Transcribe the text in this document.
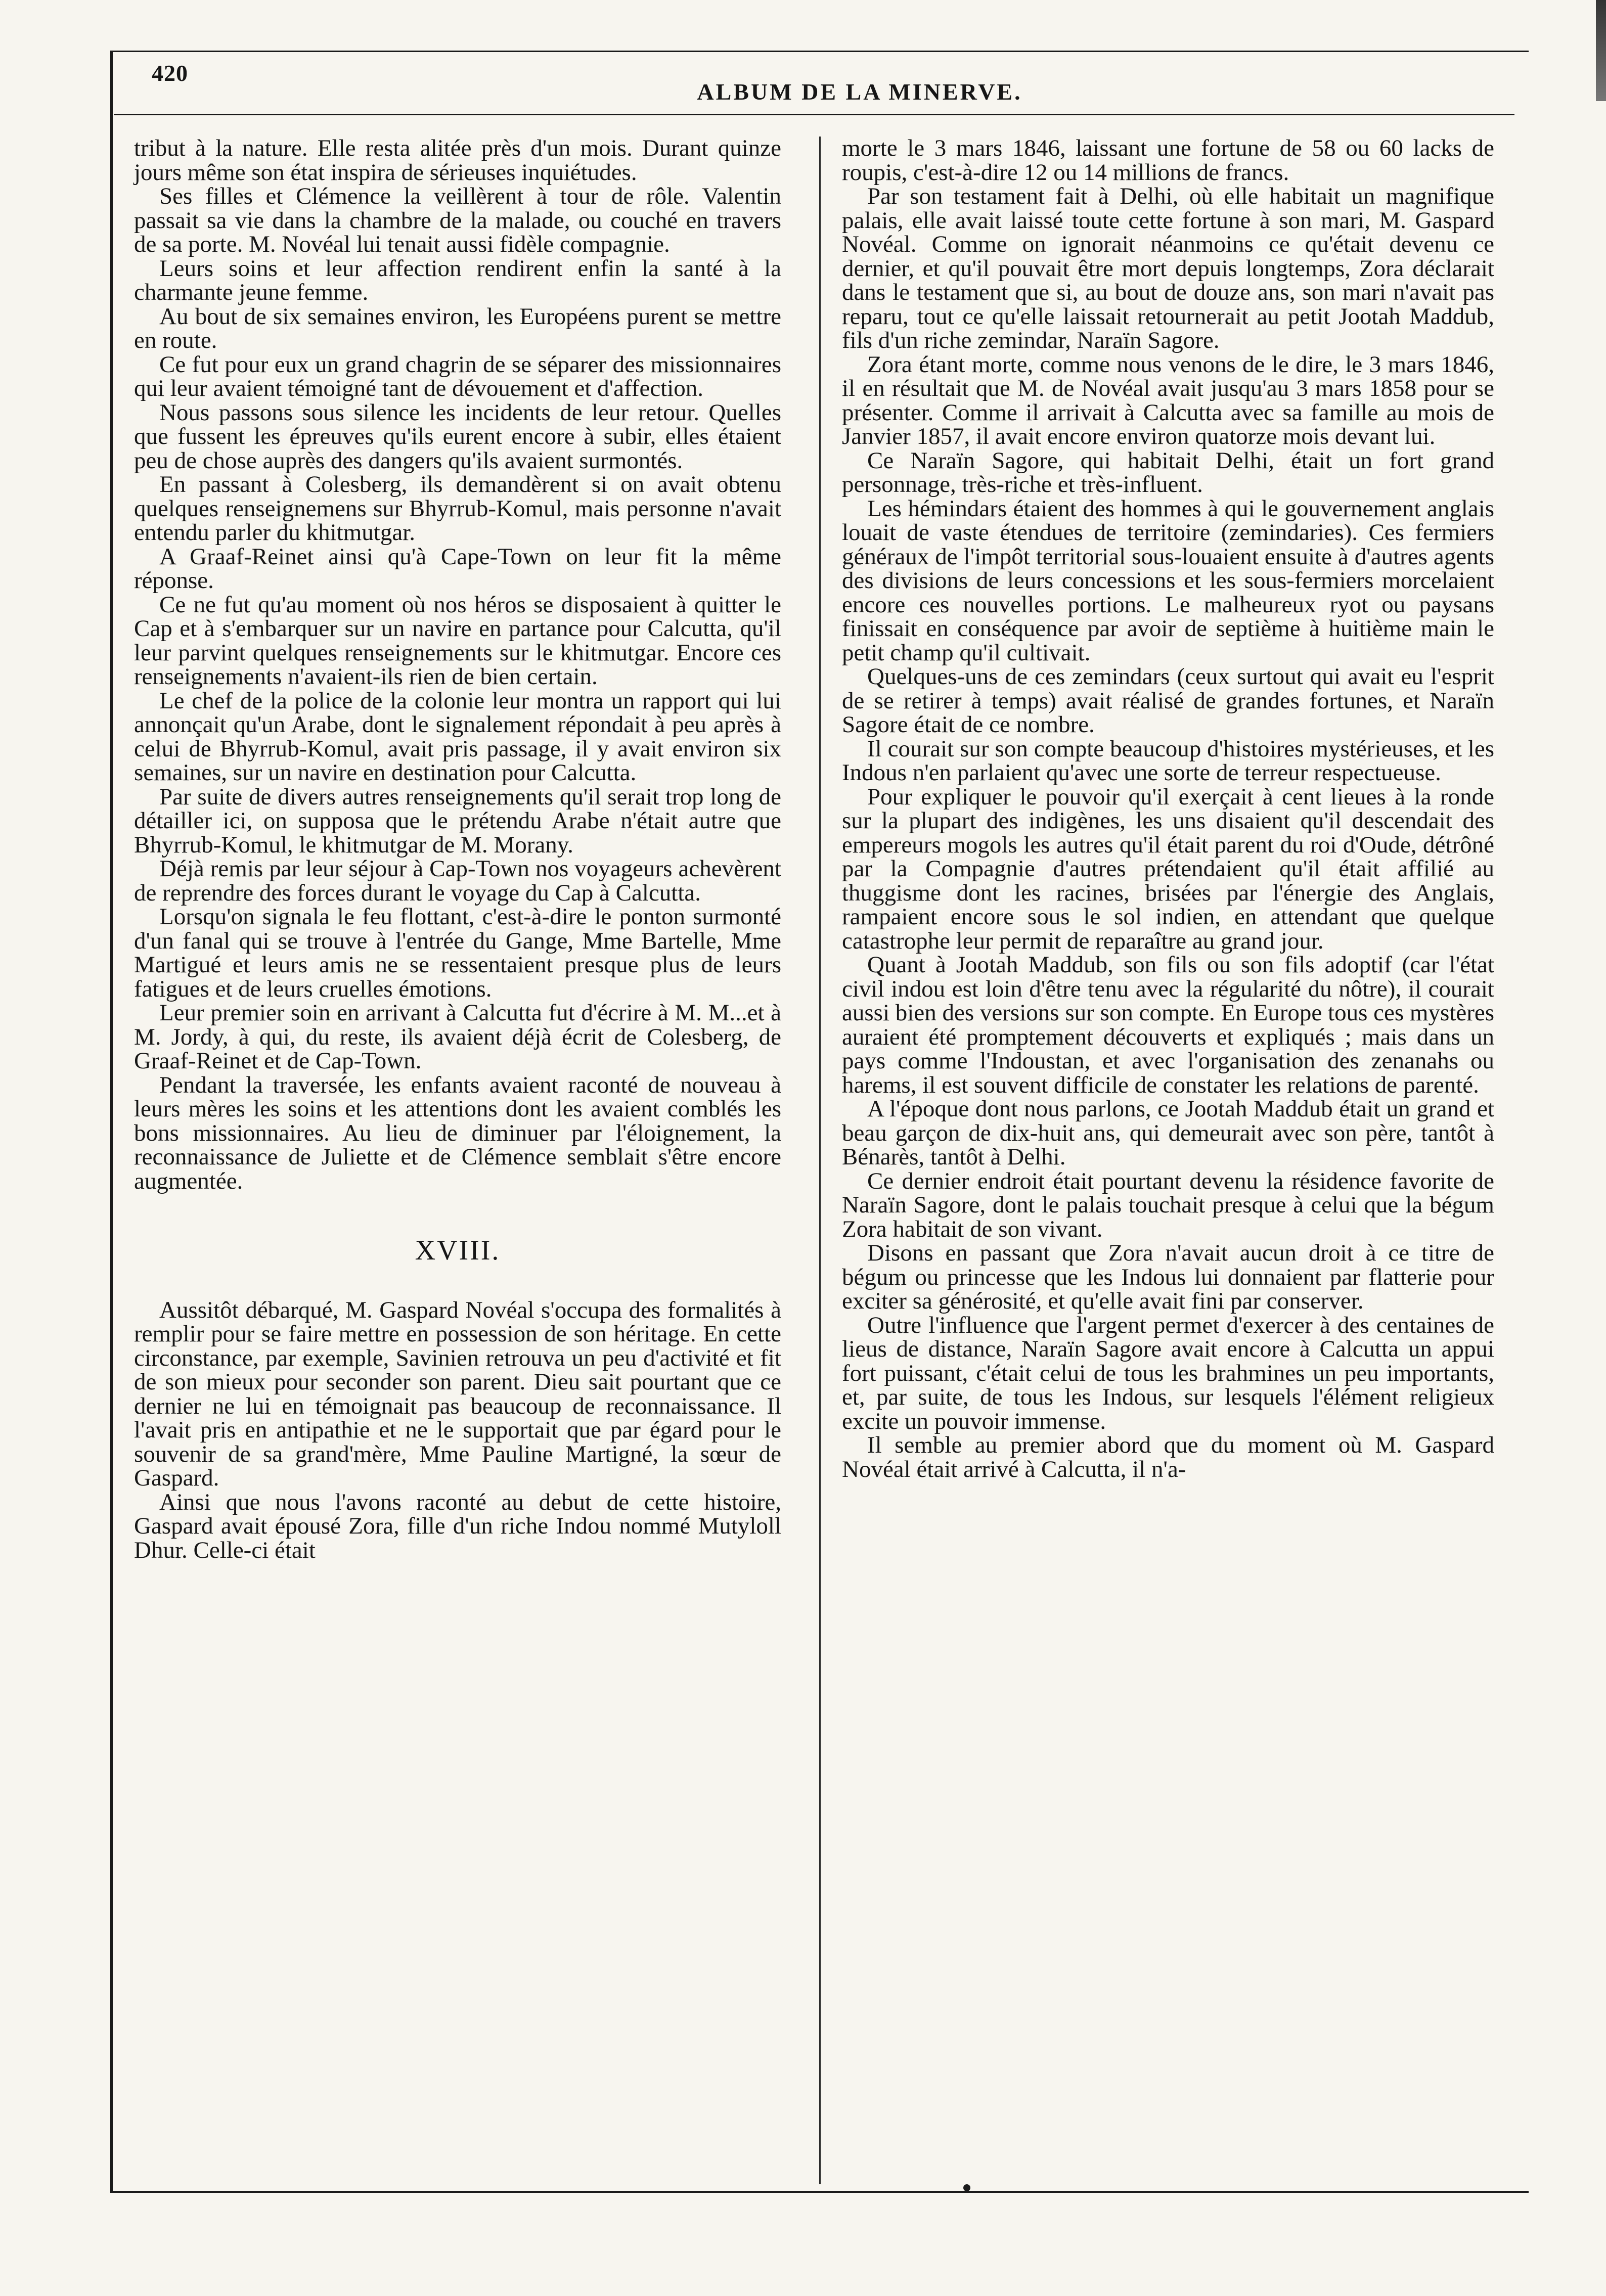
420
ALBUM DE LA MINERVE.

tribut à la nature. Elle resta alitée près d'un mois. Durant quinze jours même son état inspira de sérieuses inquiétudes.

Ses filles et Clémence la veillèrent à tour de rôle. Valentin passait sa vie dans la chambre de la malade, ou couché en travers de sa porte. M. Novéal lui tenait aussi fidèle compagnie.

Leurs soins et leur affection rendirent enfin la santé à la charmante jeune femme.

Au bout de six semaines environ, les Européens purent se mettre en route.

Ce fut pour eux un grand chagrin de se séparer des missionnaires qui leur avaient témoigné tant de dévouement et d'affection.

Nous passons sous silence les incidents de leur retour. Quelles que fussent les épreuves qu'ils eurent encore à subir, elles étaient peu de chose auprès des dangers qu'ils avaient surmontés.

En passant à Colesberg, ils demandèrent si on avait obtenu quelques renseignemens sur Bhyrrub-Komul, mais personne n'avait entendu parler du khitmutgar.

A Graaf-Reinet ainsi qu'à Cape-Town on leur fit la même réponse.

Ce ne fut qu'au moment où nos héros se disposaient à quitter le Cap et à s'embarquer sur un navire en partance pour Calcutta, qu'il leur parvint quelques renseignements sur le khitmutgar. Encore ces renseignements n'avaient-ils rien de bien certain.

Le chef de la police de la colonie leur montra un rapport qui lui annonçait qu'un Arabe, dont le signalement répondait à peu après à celui de Bhyrrub-Komul, avait pris passage, il y avait environ six semaines, sur un navire en destination pour Calcutta.

Par suite de divers autres renseignements qu'il serait trop long de détailler ici, on supposa que le prétendu Arabe n'était autre que Bhyrrub-Komul, le khitmutgar de M. Morany.

Déjà remis par leur séjour à Cap-Town nos voyageurs achevèrent de reprendre des forces durant le voyage du Cap à Calcutta.

Lorsqu'on signala le feu flottant, c'est-à-dire le ponton surmonté d'un fanal qui se trouve à l'entrée du Gange, Mme Bartelle, Mme Martigué et leurs amis ne se ressentaient presque plus de leurs fatigues et de leurs cruelles émotions.

Leur premier soin en arrivant à Calcutta fut d'écrire à M. M...et à M. Jordy, à qui, du reste, ils avaient déjà écrit de Colesberg, de Graaf-Reinet et de Cap-Town.

Pendant la traversée, les enfants avaient raconté de nouveau à leurs mères les soins et les attentions dont les avaient comblés les bons missionnaires. Au lieu de diminuer par l'éloignement, la reconnaissance de Juliette et de Clémence semblait s'être encore augmentée.

XVIII.

Aussitôt débarqué, M. Gaspard Novéal s'occupa des formalités à remplir pour se faire mettre en possession de son héritage. En cette circonstance, par exemple, Savinien retrouva un peu d'activité et fit de son mieux pour seconder son parent. Dieu sait pourtant que ce dernier ne lui en témoignait pas beaucoup de reconnaissance. Il l'avait pris en antipathie et ne le supportait que par égard pour le souvenir de sa grand'mère, Mme Pauline Martigné, la sœur de Gaspard.

Ainsi que nous l'avons raconté au debut de cette histoire, Gaspard avait épousé Zora, fille d'un riche Indou nommé Mutyloll Dhur. Celle-ci était

morte le 3 mars 1846, laissant une fortune de 58 ou 60 lacks de roupis, c'est-à-dire 12 ou 14 millions de francs.

Par son testament fait à Delhi, où elle habitait un magnifique palais, elle avait laissé toute cette fortune à son mari, M. Gaspard Novéal. Comme on ignorait néanmoins ce qu'était devenu ce dernier, et qu'il pouvait être mort depuis longtemps, Zora déclarait dans le testament que si, au bout de douze ans, son mari n'avait pas reparu, tout ce qu'elle laissait retournerait au petit Jootah Maddub, fils d'un riche zemindar, Naraïn Sagore.

Zora étant morte, comme nous venons de le dire, le 3 mars 1846, il en résultait que M. de Novéal avait jusqu'au 3 mars 1858 pour se présenter. Comme il arrivait à Calcutta avec sa famille au mois de Janvier 1857, il avait encore environ quatorze mois devant lui.

Ce Naraïn Sagore, qui habitait Delhi, était un fort grand personnage, très-riche et très-influent.

Les hémindars étaient des hommes à qui le gouvernement anglais louait de vaste étendues de territoire (zemindaries). Ces fermiers généraux de l'impôt territorial sous-louaient ensuite à d'autres agents des divisions de leurs concessions et les sous-fermiers morcelaient encore ces nouvelles portions. Le malheureux ryot ou paysans finissait en conséquence par avoir de septième à huitième main le petit champ qu'il cultivait.

Quelques-uns de ces zemindars (ceux surtout qui avait eu l'esprit de se retirer à temps) avait réalisé de grandes fortunes, et Naraïn Sagore était de ce nombre.

Il courait sur son compte beaucoup d'histoires mystérieuses, et les Indous n'en parlaient qu'avec une sorte de terreur respectueuse.

Pour expliquer le pouvoir qu'il exerçait à cent lieues à la ronde sur la plupart des indigènes, les uns disaient qu'il descendait des empereurs mogols les autres qu'il était parent du roi d'Oude, détrôné par la Compagnie d'autres prétendaient qu'il était affilié au thuggisme dont les racines, brisées par l'énergie des Anglais, rampaient encore sous le sol indien, en attendant que quelque catastrophe leur permit de reparaître au grand jour.

Quant à Jootah Maddub, son fils ou son fils adoptif (car l'état civil indou est loin d'être tenu avec la régularité du nôtre), il courait aussi bien des versions sur son compte. En Europe tous ces mystères auraient été promptement découverts et expliqués ; mais dans un pays comme l'Indoustan, et avec l'organisation des zenanahs ou harems, il est souvent difficile de constater les relations de parenté.

A l'époque dont nous parlons, ce Jootah Maddub était un grand et beau garçon de dix-huit ans, qui demeurait avec son père, tantôt à Bénarès, tantôt à Delhi.

Ce dernier endroit était pourtant devenu la résidence favorite de Naraïn Sagore, dont le palais touchait presque à celui que la bégum Zora habitait de son vivant.

Disons en passant que Zora n'avait aucun droit à ce titre de bégum ou princesse que les Indous lui donnaient par flatterie pour exciter sa générosité, et qu'elle avait fini par conserver.

Outre l'influence que l'argent permet d'exercer à des centaines de lieus de distance, Naraïn Sagore avait encore à Calcutta un appui fort puissant, c'était celui de tous les brahmines un peu importants, et, par suite, de tous les Indous, sur lesquels l'élément religieux excite un pouvoir immense.

Il semble au premier abord que du moment où M. Gaspard Novéal était arrivé à Calcutta, il n'a-
